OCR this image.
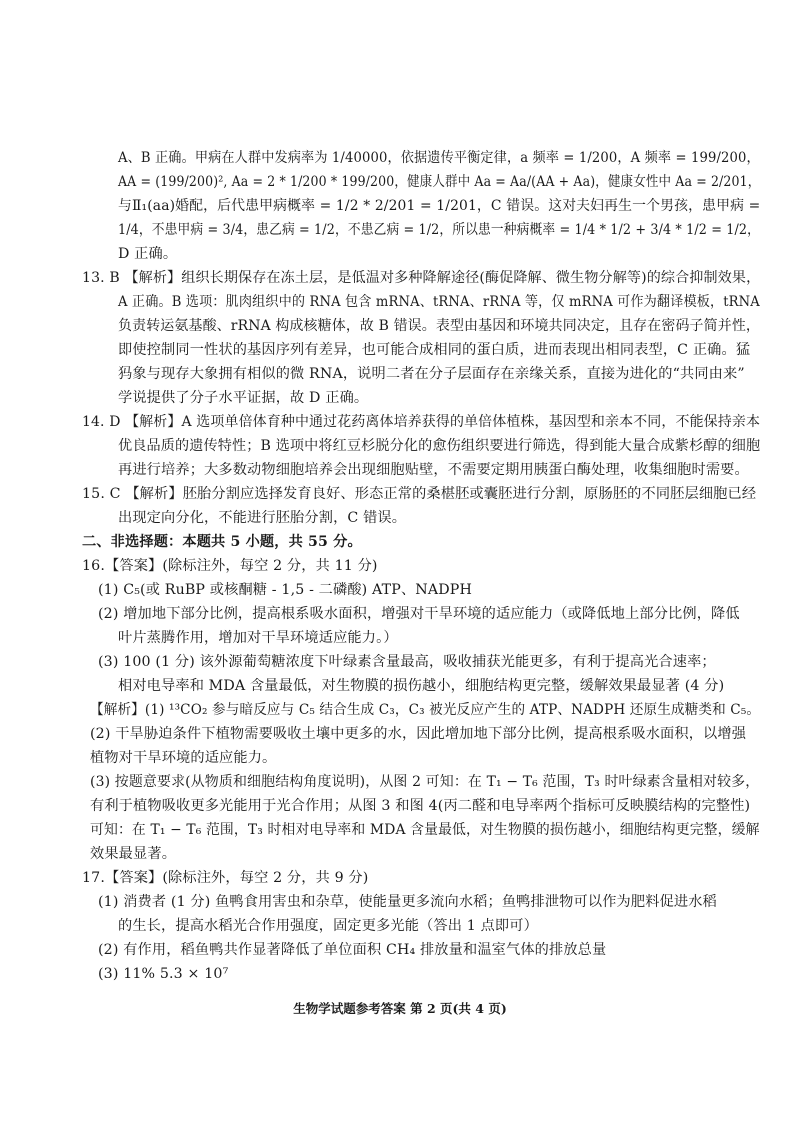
A、B 正确。甲病在人群中发病率为 1/40000，依据遗传平衡定律，a 频率 = 1/200，A 频率 = 199/200，
AA = (199/200)², Aa = 2 * 1/200 * 199/200，健康人群中 Aa = Aa/(AA + Aa)，健康女性中 Aa = 2/201，
与Ⅱ₁(aa)婚配，后代患甲病概率 = 1/2 * 2/201 = 1/201，C 错误。这对夫妇再生一个男孩，患甲病 =
1/4，不患甲病 = 3/4，患乙病 = 1/2，不患乙病 = 1/2，所以患一种病概率 = 1/4 * 1/2 + 3/4 * 1/2 = 1/2，
D 正确。
13. B 【解析】组织长期保存在冻土层，是低温对多种降解途径(酶促降解、微生物分解等)的综合抑制效果，
A 正确。B 选项：肌肉组织中的 RNA 包含 mRNA、tRNA、rRNA 等，仅 mRNA 可作为翻译模板，tRNA
负责转运氨基酸、rRNA 构成核糖体，故 B 错误。表型由基因和环境共同决定，且存在密码子简并性，
即使控制同一性状的基因序列有差异，也可能合成相同的蛋白质，进而表现出相同表型，C 正确。猛
犸象与现存大象拥有相似的微 RNA，说明二者在分子层面存在亲缘关系，直接为进化的“共同由来”
学说提供了分子水平证据，故 D 正确。
14. D 【解析】A 选项单倍体育种中通过花药离体培养获得的单倍体植株，基因型和亲本不同，不能保持亲本
优良品质的遗传特性；B 选项中将红豆杉脱分化的愈伤组织要进行筛选，得到能大量合成紫杉醇的细胞
再进行培养；大多数动物细胞培养会出现细胞贴壁，不需要定期用胰蛋白酶处理，收集细胞时需要。
15. C 【解析】胚胎分割应选择发育良好、形态正常的桑椹胚或囊胚进行分割，原肠胚的不同胚层细胞已经
出现定向分化，不能进行胚胎分割，C 错误。
二、非选择题：本题共 5 小题，共 55 分。
16.【答案】(除标注外，每空 2 分，共 11 分)
(1) C₅(或 RuBP 或核酮糖 - 1,5 - 二磷酸) ATP、NADPH
(2) 增加地下部分比例，提高根系吸水面积，增强对干旱环境的适应能力（或降低地上部分比例，降低
叶片蒸腾作用，增加对干旱环境适应能力。）
(3) 100 (1 分) 该外源葡萄糖浓度下叶绿素含量最高，吸收捕获光能更多，有利于提高光合速率；
相对电导率和 MDA 含量最低，对生物膜的损伤越小，细胞结构更完整，缓解效果最显著 (4 分)
【解析】(1) ¹³CO₂ 参与暗反应与 C₅ 结合生成 C₃，C₃ 被光反应产生的 ATP、NADPH 还原生成糖类和 C₅。
(2) 干旱胁迫条件下植物需要吸收土壤中更多的水，因此增加地下部分比例，提高根系吸水面积，以增强
植物对干旱环境的适应能力。
(3) 按题意要求(从物质和细胞结构角度说明)，从图 2 可知：在 T₁ − T₆ 范围，T₃ 时叶绿素含量相对较多，
有利于植物吸收更多光能用于光合作用；从图 3 和图 4(丙二醛和电导率两个指标可反映膜结构的完整性)
可知：在 T₁ − T₆ 范围，T₃ 时相对电导率和 MDA 含量最低，对生物膜的损伤越小，细胞结构更完整，缓解
效果最显著。
17.【答案】(除标注外，每空 2 分，共 9 分)
(1) 消费者 (1 分) 鱼鸭食用害虫和杂草，使能量更多流向水稻；鱼鸭排泄物可以作为肥料促进水稻
的生长，提高水稻光合作用强度，固定更多光能（答出 1 点即可）
(2) 有作用，稻鱼鸭共作显著降低了单位面积 CH₄ 排放量和温室气体的排放总量
(3) 11% 5.3 × 10⁷
生物学试题参考答案 第 2 页(共 4 页)
